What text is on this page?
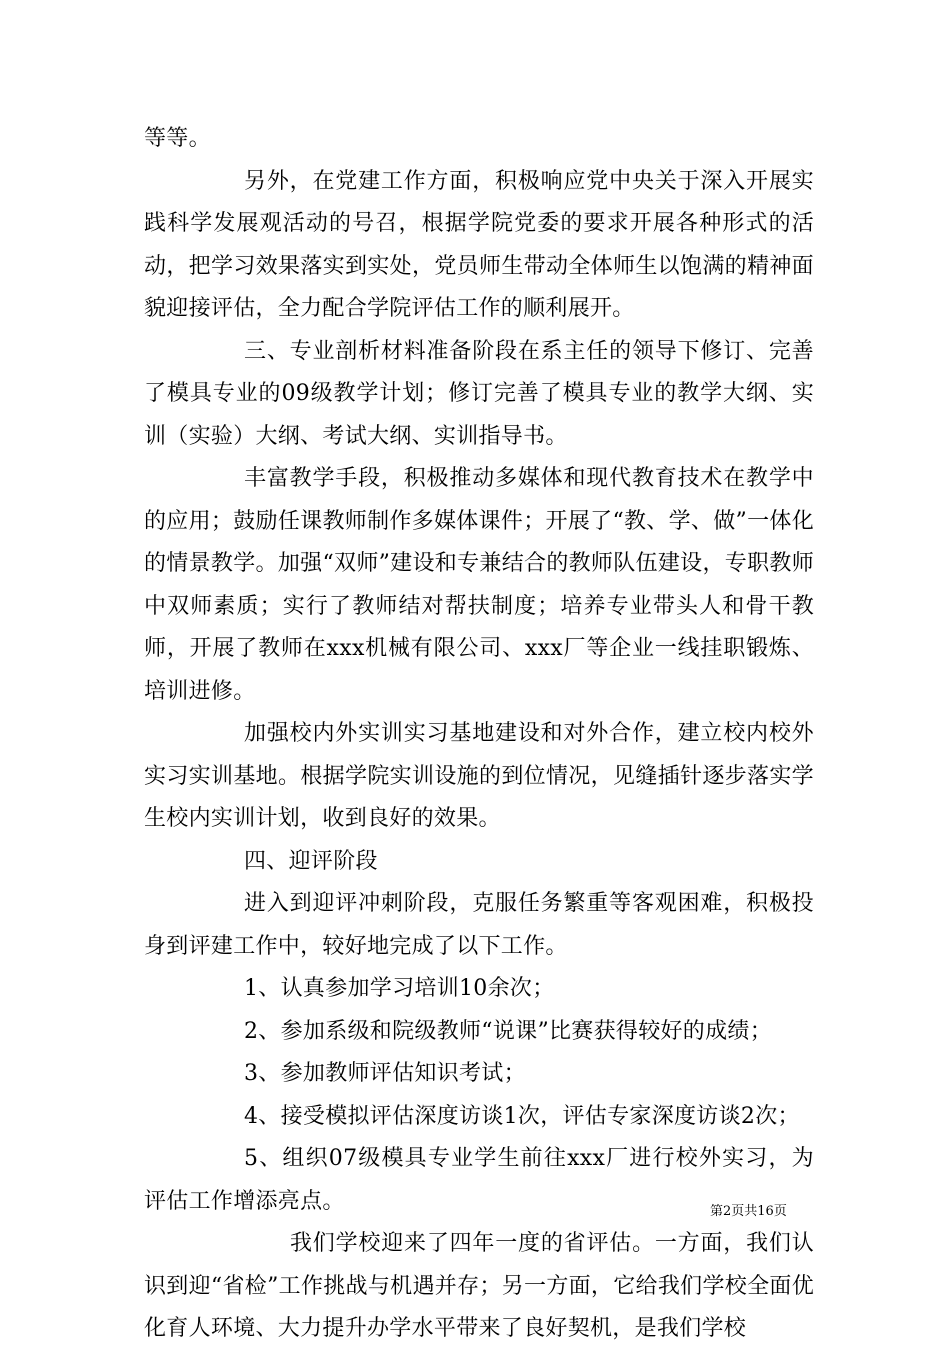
等等。

另外，在党建工作方面，积极响应党中央关于深入开展实践科学发展观活动的号召，根据学院党委的要求开展各种形式的活动，把学习效果落实到实处，党员师生带动全体师生以饱满的精神面貌迎接评估，全力配合学院评估工作的顺利展开。

三、专业剖析材料准备阶段在系主任的领导下修订、完善了模具专业的09级教学计划；修订完善了模具专业的教学大纲、实训（实验）大纲、考试大纲、实训指导书。

丰富教学手段，积极推动多媒体和现代教育技术在教学中的应用；鼓励任课教师制作多媒体课件；开展了“教、学、做”一体化的情景教学。加强“双师”建设和专兼结合的教师队伍建设，专职教师中双师素质；实行了教师结对帮扶制度；培养专业带头人和骨干教师，开展了教师在xxx机械有限公司、xxx厂等企业一线挂职锻炼、培训进修。

加强校内外实训实习基地建设和对外合作，建立校内校外实习实训基地。根据学院实训设施的到位情况，见缝插针逐步落实学生校内实训计划，收到良好的效果。

四、迎评阶段

进入到迎评冲刺阶段，克服任务繁重等客观困难，积极投身到评建工作中，较好地完成了以下工作。

1、认真参加学习培训10余次；

2、参加系级和院级教师“说课”比赛获得较好的成绩；

3、参加教师评估知识考试；

4、接受模拟评估深度访谈1次，评估专家深度访谈2次；

5、组织07级模具专业学生前往xxx厂进行校外实习，为评估工作增添亮点。

我们学校迎来了四年一度的省评估。一方面，我们认识到迎“省检”工作挑战与机遇并存；另一方面，它给我们学校全面优化育人环境、大力提升办学水平带来了良好契机，是我们学校

第2页共16页
